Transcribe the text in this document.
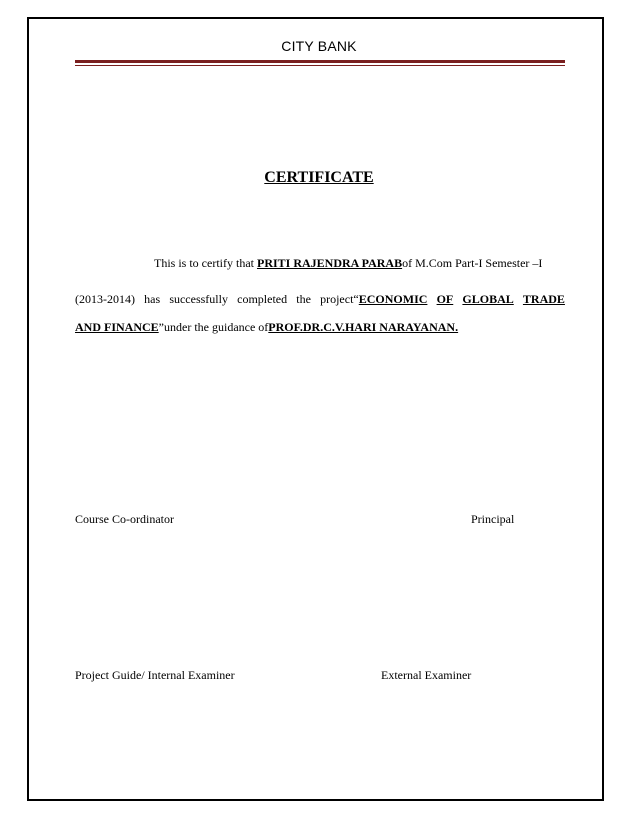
CITY BANK
CERTIFICATE
This is to certify that PRITI RAJENDRA PARABof M.Com Part-I Semester –I
(2013-2014) has successfully completed the project“ECONOMIC OF GLOBAL TRADE
AND FINANCE”under the guidance ofPROF.DR.C.V.HARI NARAYANAN.
Course Co-ordinator	Principal
Project Guide/ Internal Examiner	External Examiner
